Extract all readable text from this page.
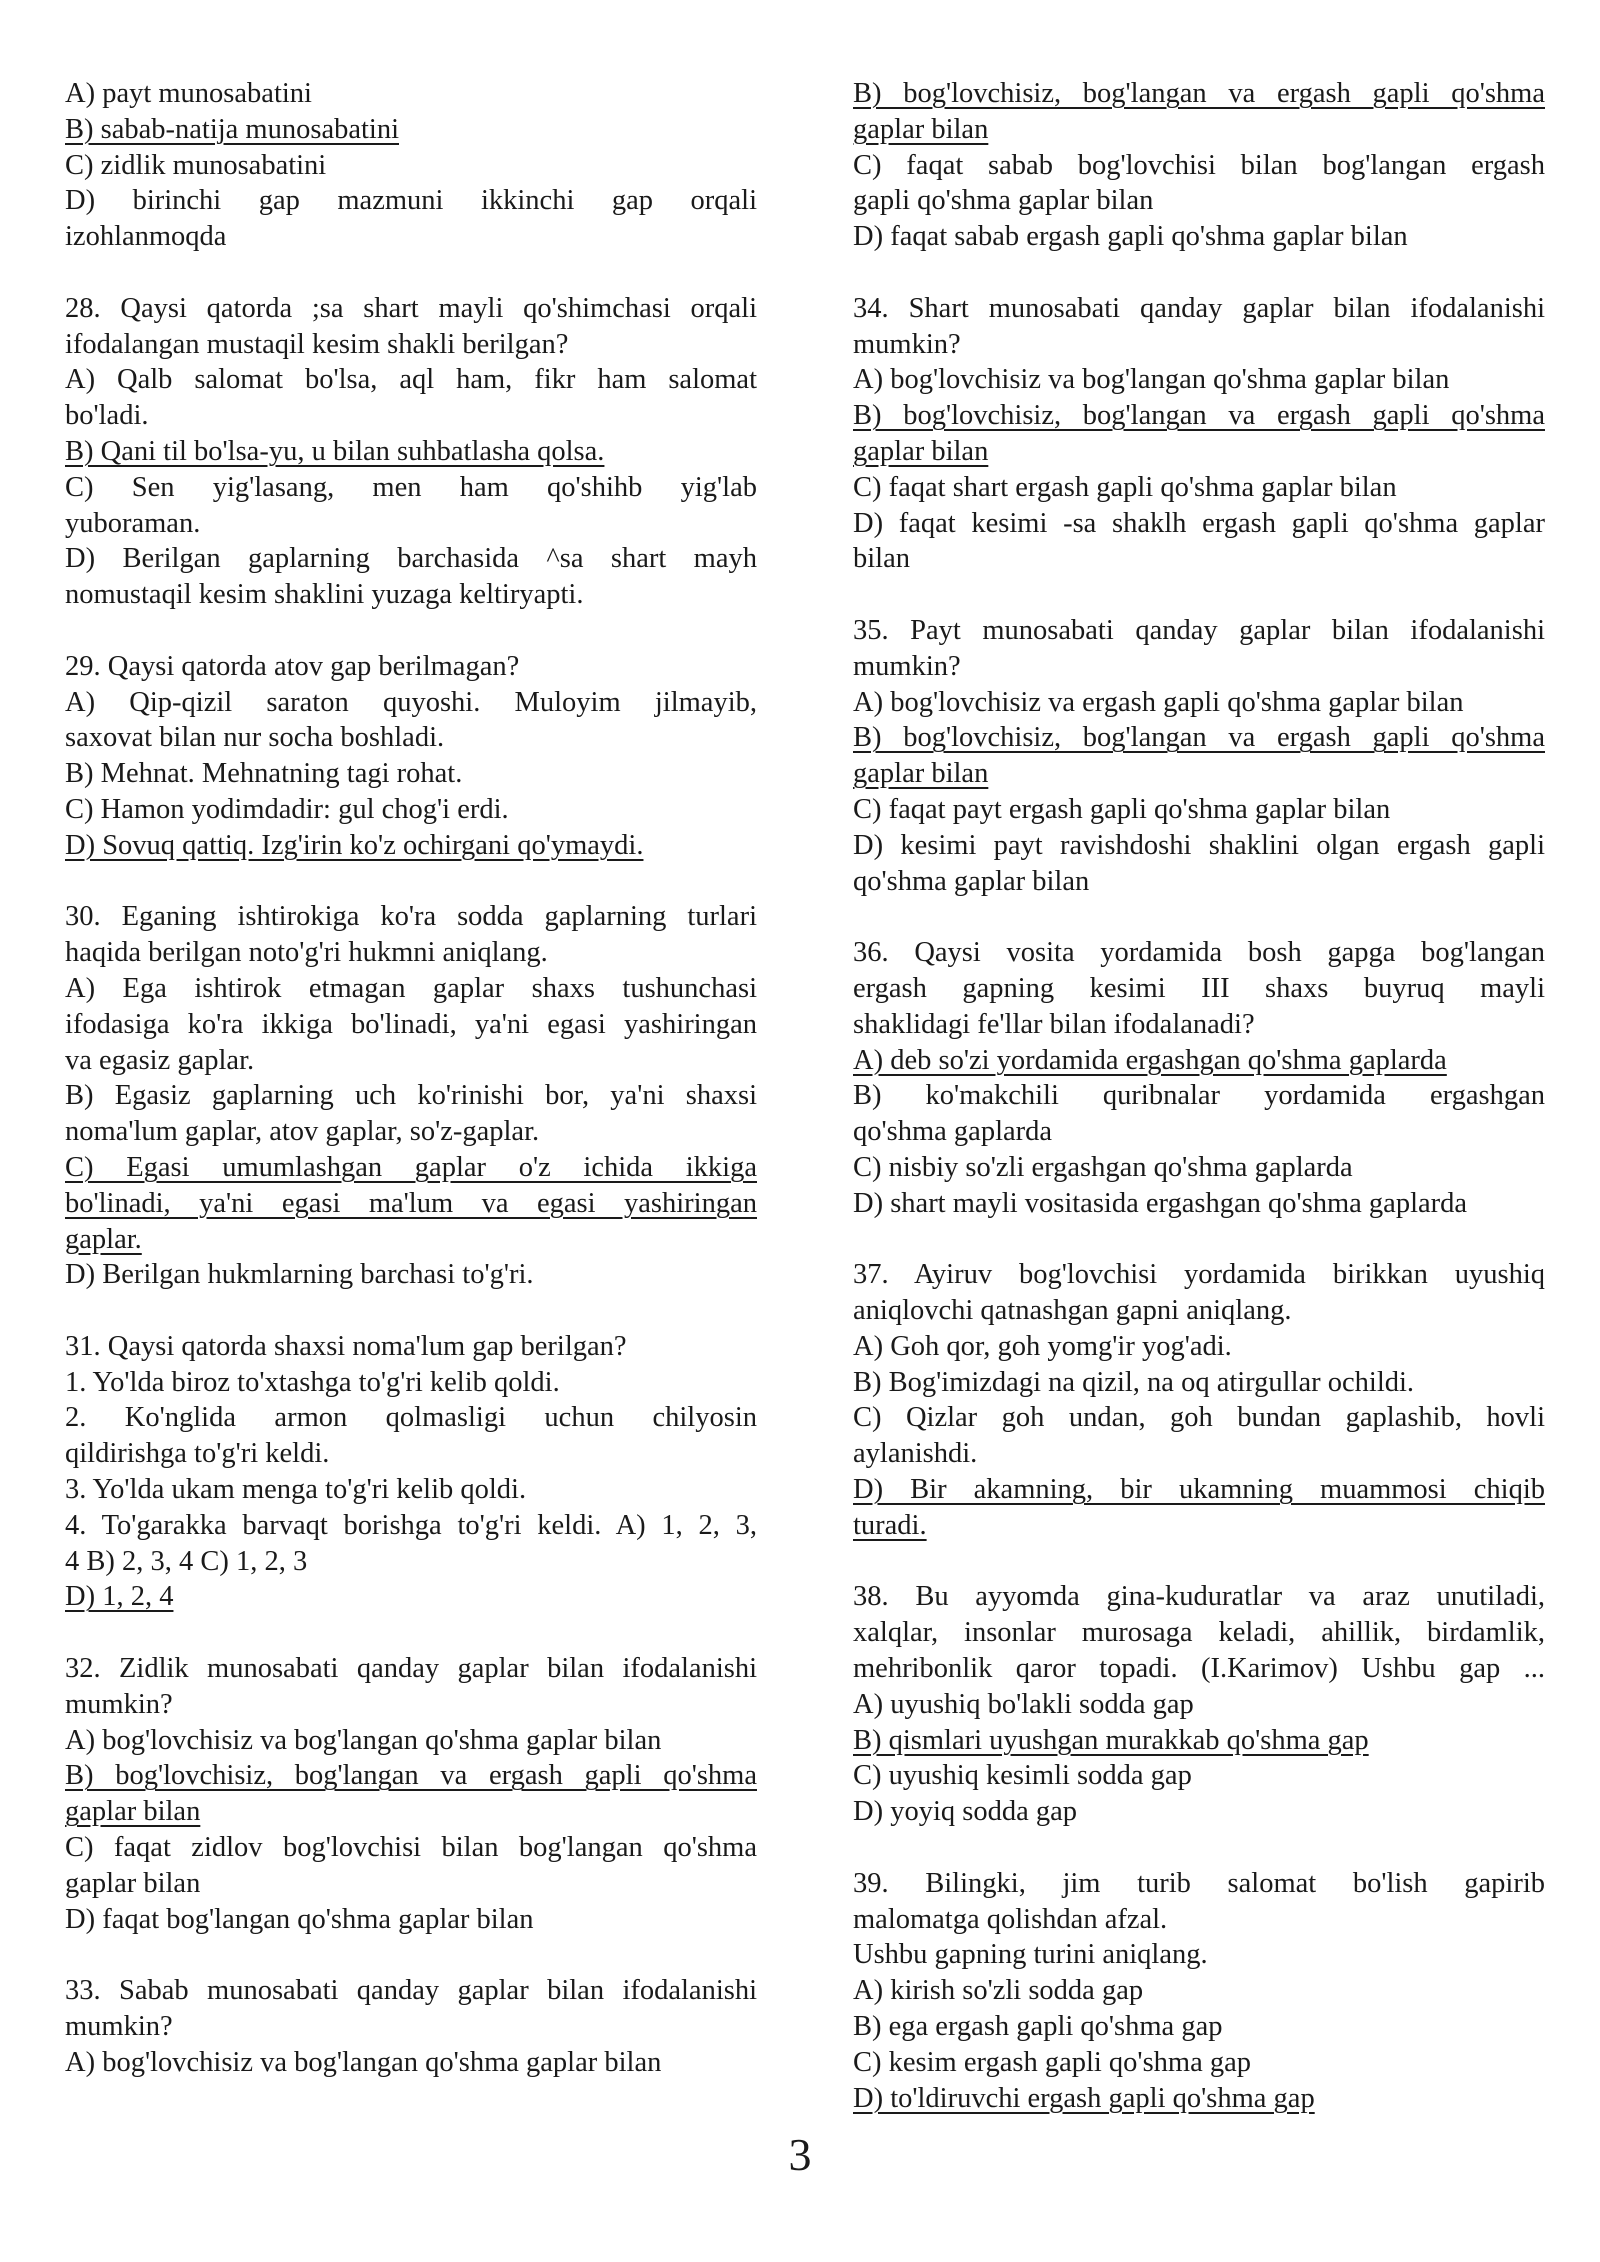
A) payt munosabatini
B) sabab-natija munosabatini
C) zidlik munosabatini
D) birinchi gap mazmuni ikkinchi gap orqali
izohlanmoqda
28. Qaysi qatorda ;sa shart mayli qo'shimchasi orqali
ifodalangan mustaqil kesim shakli berilgan?
A) Qalb salomat bo'lsa, aql ham, fikr ham salomat
bo'ladi.
B) Qani til bo'lsa-yu, u bilan suhbatlasha qolsa.
C) Sen yig'lasang, men ham qo'shihb yig'lab
yuboraman.
D) Berilgan gaplarning barchasida ^sa shart mayh
nomustaqil kesim shaklini yuzaga keltiryapti.
29. Qaysi qatorda atov gap berilmagan?
A) Qip-qizil saraton quyoshi. Muloyim jilmayib,
saxovat bilan nur socha boshladi.
B) Mehnat. Mehnatning tagi rohat.
C) Hamon yodimdadir: gul chog'i erdi.
D) Sovuq qattiq. Izg'irin ko'z ochirgani qo'ymaydi.
30. Eganing ishtirokiga ko'ra sodda gaplarning turlari
haqida berilgan noto'g'ri hukmni aniqlang.
A) Ega ishtirok etmagan gaplar shaxs tushunchasi
ifodasiga ko'ra ikkiga bo'linadi, ya'ni egasi yashiringan
va egasiz gaplar.
B) Egasiz gaplarning uch ko'rinishi bor, ya'ni shaxsi
noma'lum gaplar, atov gaplar, so'z-gaplar.
C) Egasi umumlashgan gaplar o'z ichida ikkiga
bo'linadi, ya'ni egasi ma'lum va egasi yashiringan
gaplar.
D) Berilgan hukmlarning barchasi to'g'ri.
31. Qaysi qatorda shaxsi noma'lum gap berilgan?
1. Yo'lda biroz to'xtashga to'g'ri kelib qoldi.
2. Ko'nglida armon qolmasligi uchun chilyosin
qildirishga to'g'ri keldi.
3. Yo'lda ukam menga to'g'ri kelib qoldi.
4. To'garakka barvaqt borishga to'g'ri keldi. A) 1, 2, 3,
4 B) 2, 3, 4 C) 1, 2, 3
D) 1, 2, 4
32. Zidlik munosabati qanday gaplar bilan ifodalanishi
mumkin?
A) bog'lovchisiz va bog'langan qo'shma gaplar bilan
B) bog'lovchisiz, bog'langan va ergash gapli qo'shma
gaplar bilan
C) faqat zidlov bog'lovchisi bilan bog'langan qo'shma
gaplar bilan
D) faqat bog'langan qo'shma gaplar bilan
33. Sabab munosabati qanday gaplar bilan ifodalanishi
mumkin?
A) bog'lovchisiz va bog'langan qo'shma gaplar bilan
B) bog'lovchisiz, bog'langan va ergash gapli qo'shma
gaplar bilan
C) faqat sabab bog'lovchisi bilan bog'langan ergash
gapli qo'shma gaplar bilan
D) faqat sabab ergash gapli qo'shma gaplar bilan
34. Shart munosabati qanday gaplar bilan ifodalanishi
mumkin?
A) bog'lovchisiz va bog'langan qo'shma gaplar bilan
B) bog'lovchisiz, bog'langan va ergash gapli qo'shma
gaplar bilan
C) faqat shart ergash gapli qo'shma gaplar bilan
D) faqat kesimi -sa shaklh ergash gapli qo'shma gaplar
bilan
35. Payt munosabati qanday gaplar bilan ifodalanishi
mumkin?
A) bog'lovchisiz va ergash gapli qo'shma gaplar bilan
B) bog'lovchisiz, bog'langan va ergash gapli qo'shma
gaplar bilan
C) faqat payt ergash gapli qo'shma gaplar bilan
D) kesimi payt ravishdoshi shaklini olgan ergash gapli
qo'shma gaplar bilan
36. Qaysi vosita yordamida bosh gapga bog'langan
ergash gapning kesimi III shaxs buyruq mayli
shaklidagi fe'llar bilan ifodalanadi?
A) deb so'zi yordamida ergashgan qo'shma gaplarda
B) ko'makchili quribnalar yordamida ergashgan
qo'shma gaplarda
C) nisbiy so'zli ergashgan qo'shma gaplarda
D) shart mayli vositasida ergashgan qo'shma gaplarda
37. Ayiruv bog'lovchisi yordamida birikkan uyushiq
aniqlovchi qatnashgan gapni aniqlang.
A) Goh qor, goh yomg'ir yog'adi.
B) Bog'imizdagi na qizil, na oq atirgullar ochildi.
C) Qizlar goh undan, goh bundan gaplashib, hovli
aylanishdi.
D) Bir akamning, bir ukamning muammosi chiqib
turadi.
38. Bu ayyomda gina-kuduratlar va araz unutiladi,
xalqlar, insonlar murosaga keladi, ahillik, birdamlik,
mehribonlik qaror topadi. (I.Karimov) Ushbu gap ...
A) uyushiq bo'lakli sodda gap
B) qismlari uyushgan murakkab qo'shma gap
C) uyushiq kesimli sodda gap
D) yoyiq sodda gap
39. Bilingki, jim turib salomat bo'lish gapirib
malomatga qolishdan afzal.
Ushbu gapning turini aniqlang.
A) kirish so'zli sodda gap
B) ega ergash gapli qo'shma gap
C) kesim ergash gapli qo'shma gap
D) to'ldiruvchi ergash gapli qo'shma gap
3
